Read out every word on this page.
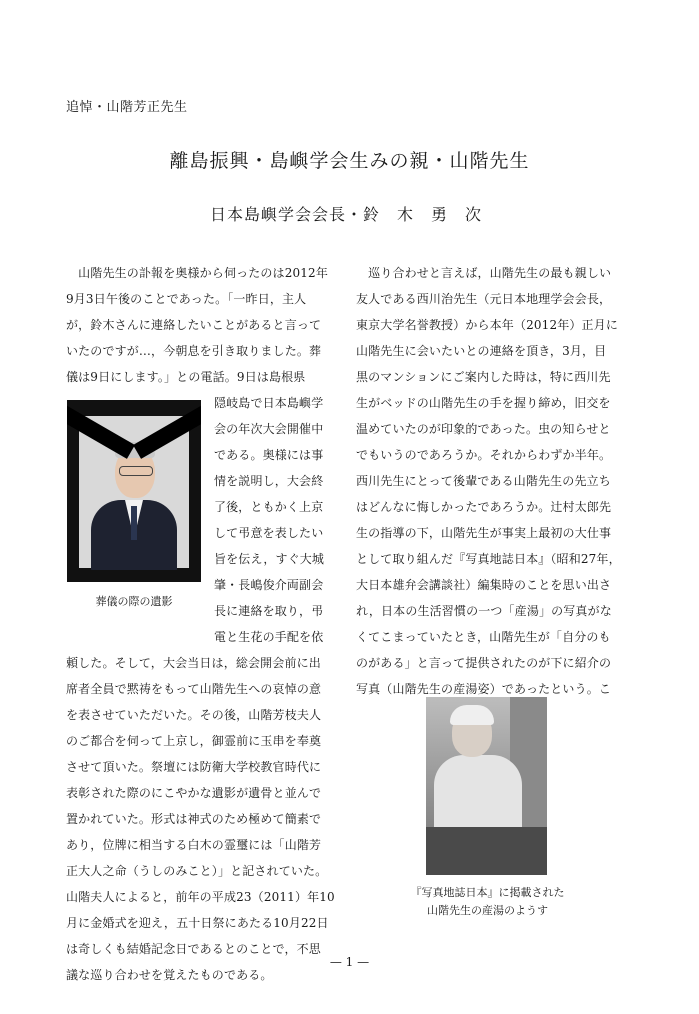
追悼・山階芳正先生
離島振興・島嶼学会生みの親・山階先生
日本島嶼学会会長・鈴　木　勇　次
　山階先生の訃報を奥様から伺ったのは2012年
9月3日午後のことであった。「一昨日，主人
が，鈴木さんに連絡したいことがあると言って
いたのですが…，今朝息を引き取りました。葬
儀は9日にします。」との電話。9日は島根県
隠岐島で日本島嶼学
会の年次大会開催中
である。奥様には事
情を説明し，大会終
了後，ともかく上京
して弔意を表したい
旨を伝え，すぐ大城
肇・長嶋俊介両副会
長に連絡を取り，弔
電と生花の手配を依
頼した。そして，大会当日は，総会開会前に出
席者全員で黙祷をもって山階先生への哀悼の意
を表させていただいた。その後，山階芳枝夫人
のご都合を伺って上京し，御霊前に玉串を奉奠
させて頂いた。祭壇には防衛大学校教官時代に
表彰された際のにこやかな遺影が遺骨と並んで
置かれていた。形式は神式のため極めて簡素で
あり，位牌に相当する白木の霊璽には「山階芳
正大人之命（うしのみこと）」と記されていた。
山階夫人によると，前年の平成23（2011）年10
月に金婚式を迎え，五十日祭にあたる10月22日
は奇しくも結婚記念日であるとのことで，不思
議な巡り合わせを覚えたものである。
葬儀の際の遺影
　巡り合わせと言えば，山階先生の最も親しい
友人である西川治先生（元日本地理学会会長，
東京大学名誉教授）から本年（2012年）正月に
山階先生に会いたいとの連絡を頂き，3月，目
黒のマンションにご案内した時は，特に西川先
生がベッドの山階先生の手を握り締め，旧交を
温めていたのが印象的であった。虫の知らせと
でもいうのであろうか。それからわずか半年。
西川先生にとって後輩である山階先生の先立ち
はどんなに悔しかったであろうか。辻村太郎先
生の指導の下，山階先生が事実上最初の大仕事
として取り組んだ『写真地誌日本』（昭和27年，
大日本雄弁会講談社）編集時のことを思い出さ
れ，日本の生活習慣の一つ「産湯」の写真がな
くてこまっていたとき，山階先生が「自分のも
のがある」と言って提供されたのが下に紹介の
写真（山階先生の産湯姿）であったという。こ
『写真地誌日本』に掲載された
山階先生の産湯のようす
— 1 —
